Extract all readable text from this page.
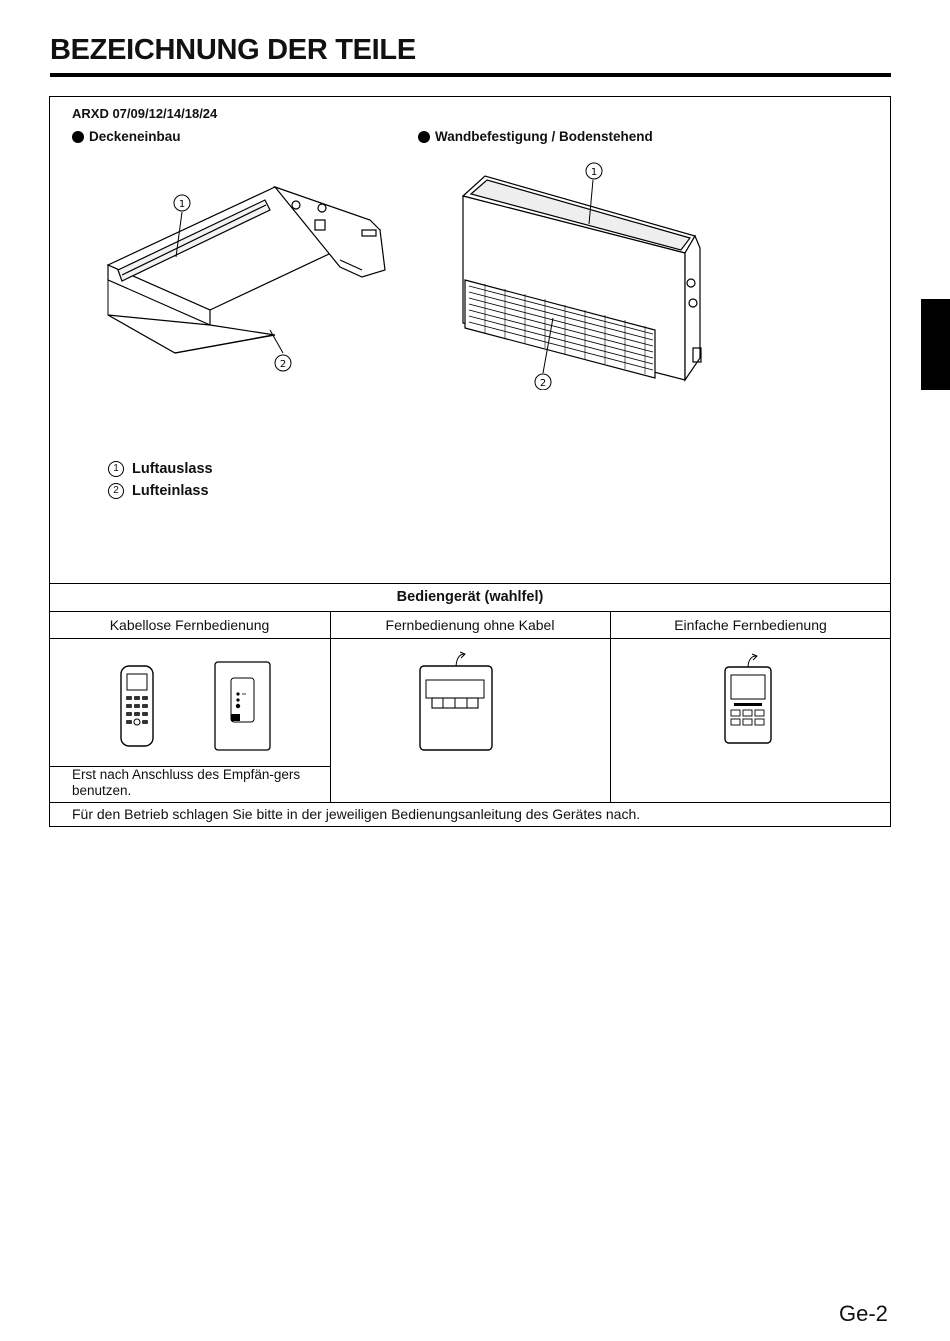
BEZEICHNUNG DER TEILE
ARXD 07/09/12/14/18/24
Deckeneinbau	Wandbefestigung / Bodenstehend
1
2
1
2
1 Luftauslass
2 Lufteinlass
Bediengerät (wahlfel)
Kabellose Fernbedienung	Fernbedienung ohne Kabel	Einfache Fernbedienung
Erst nach Anschluss des Empfän-gers benutzen.
Für den Betrieb schlagen Sie bitte in der jeweiligen Bedienungsanleitung des Gerätes nach.
Ge-2
